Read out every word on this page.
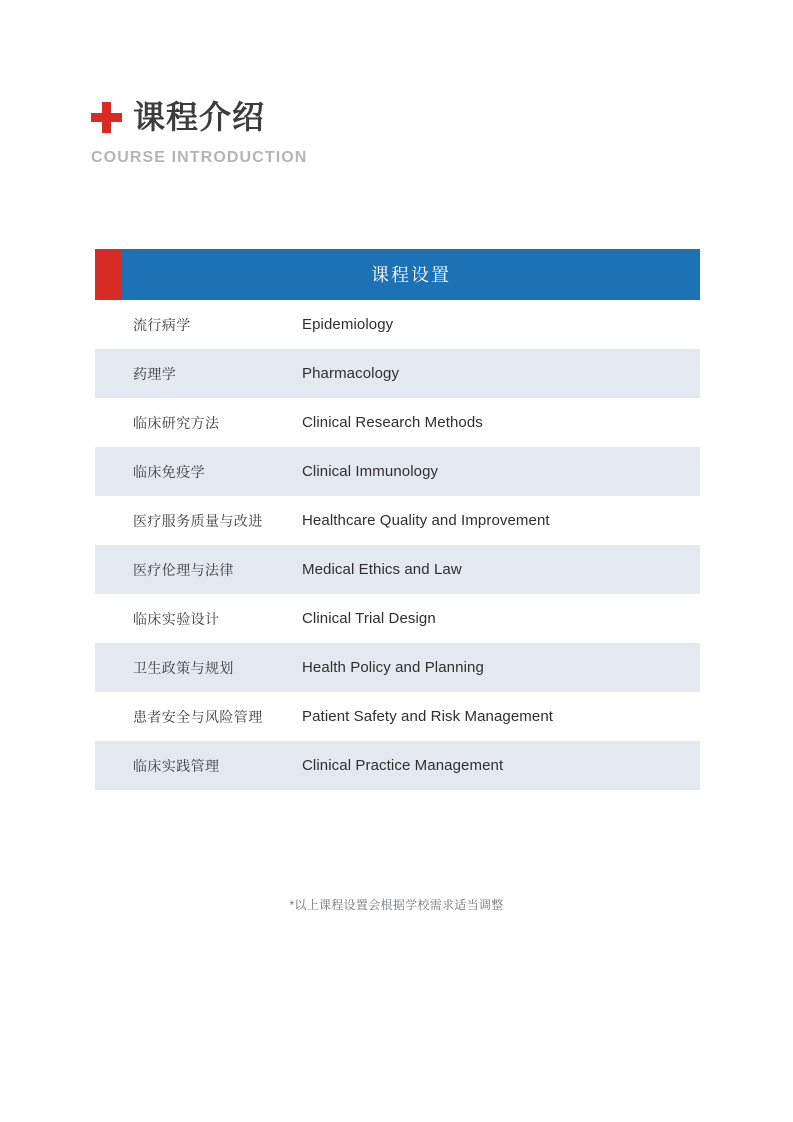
课程介绍
COURSE INTRODUCTION
课程设置
流行病学	Epidemiology
药理学	Pharmacology
临床研究方法	Clinical Research Methods
临床免疫学	Clinical Immunology
医疗服务质量与改进	Healthcare Quality and Improvement
医疗伦理与法律	Medical Ethics and Law
临床实验设计	Clinical Trial Design
卫生政策与规划	Health Policy and Planning
患者安全与风险管理	Patient Safety and Risk Management
临床实践管理	Clinical Practice Management
*以上课程设置会根据学校需求适当调整
